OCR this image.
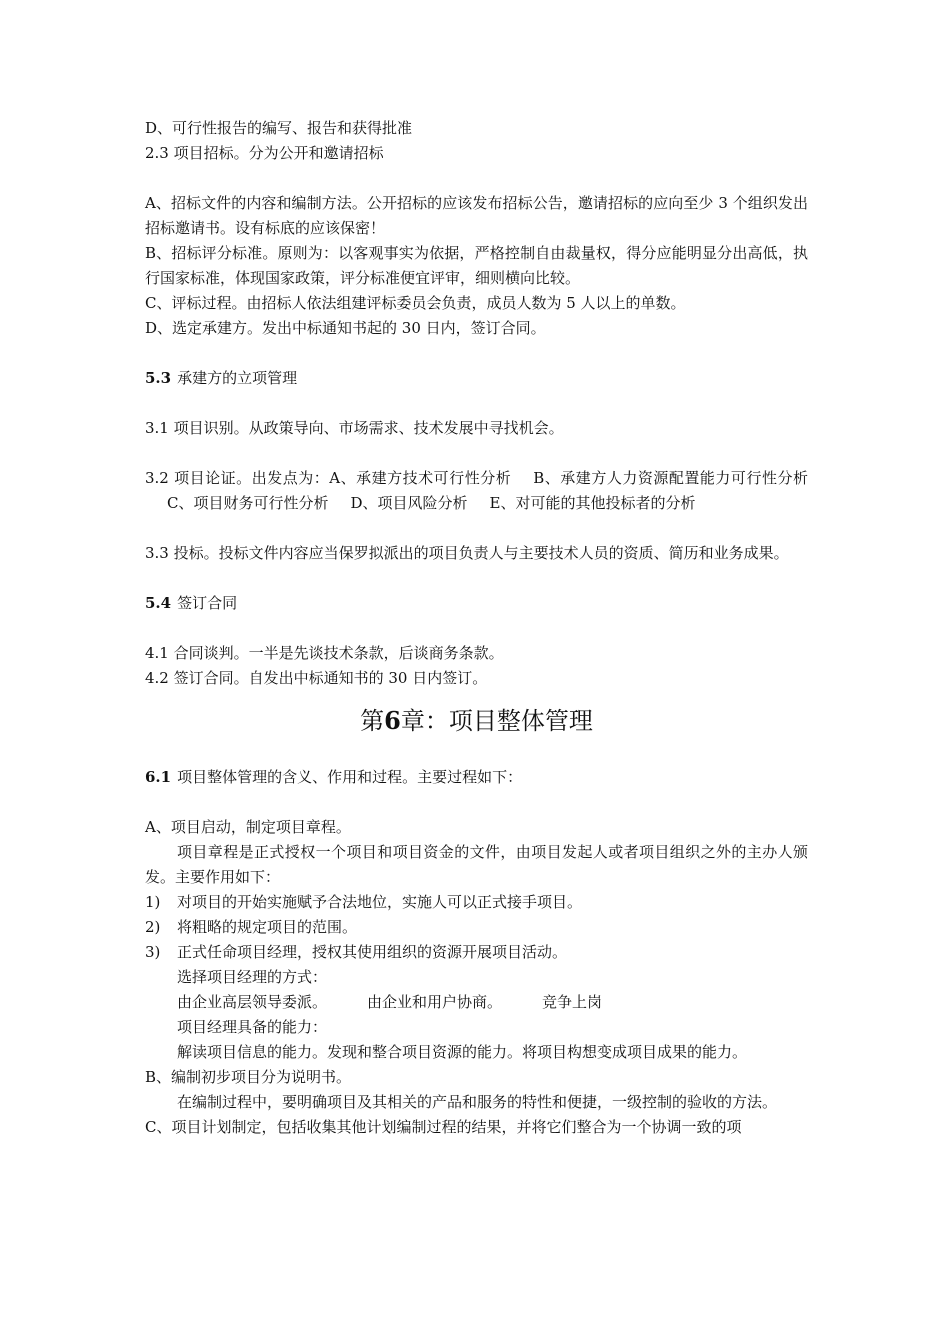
D、可行性报告的编写、报告和获得批准

2.3 项目招标。分为公开和邀请招标

A、招标文件的内容和编制方法。公开招标的应该发布招标公告，邀请招标的应向至少 3 个组织发出招标邀请书。设有标底的应该保密！

B、招标评分标准。原则为：以客观事实为依据，严格控制自由裁量权，得分应能明显分出高低，执行国家标准，体现国家政策，评分标准便宜评审，细则横向比较。

C、评标过程。由招标人依法组建评标委员会负责，成员人数为 5 人以上的单数。

D、选定承建方。发出中标通知书起的 30 日内，签订合同。

5.3 承建方的立项管理

3.1 项目识别。从政策导向、市场需求、技术发展中寻找机会。

3.2 项目论证。出发点为：A、承建方技术可行性分析 B、承建方人力资源配置能力可行性分析C、项目财务可行性分析 D、项目风险分析 E、对可能的其他投标者的分析

3.3 投标。投标文件内容应当保罗拟派出的项目负责人与主要技术人员的资质、简历和业务成果。

5.4 签订合同

4.1 合同谈判。一半是先谈技术条款，后谈商务条款。

4.2 签订合同。自发出中标通知书的 30 日内签订。

第6章：项目整体管理

6.1 项目整体管理的含义、作用和过程。主要过程如下：

A、项目启动，制定项目章程。

项目章程是正式授权一个项目和项目资金的文件，由项目发起人或者项目组织之外的主办人颁发。主要作用如下：

1)	对项目的开始实施赋予合法地位，实施人可以正式接手项目。
2)	将粗略的规定项目的范围。
3)	正式任命项目经理，授权其使用组织的资源开展项目活动。

选择项目经理的方式：

由企业高层领导委派。	由企业和用户协商。	竞争上岗

项目经理具备的能力：

解读项目信息的能力。发现和整合项目资源的能力。将项目构想变成项目成果的能力。

B、编制初步项目分为说明书。

在编制过程中，要明确项目及其相关的产品和服务的特性和便捷，一级控制的验收的方法。

C、项目计划制定，包括收集其他计划编制过程的结果，并将它们整合为一个协调一致的项
